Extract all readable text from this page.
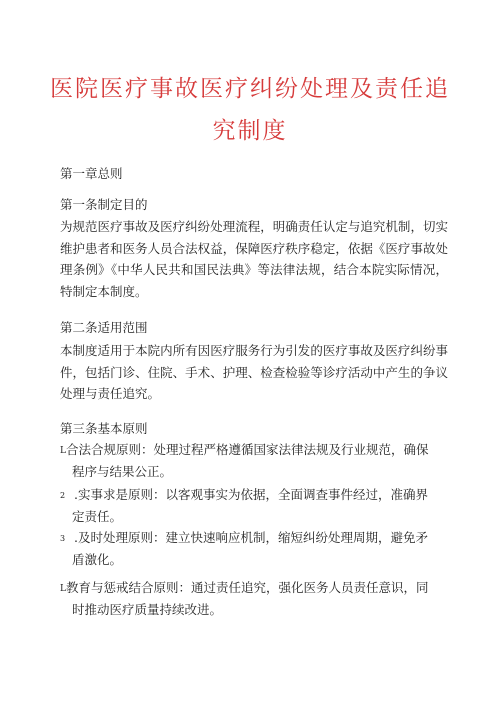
医院医疗事故医疗纠纷处理及责任追
究制度
第一章总则
第一条制定目的
为规范医疗事故及医疗纠纷处理流程，明确责任认定与追究机制，切实维护患者和医务人员合法权益，保障医疗秩序稳定，依据《医疗事故处理条例》《中华人民共和国民法典》等法律法规，结合本院实际情况，特制定本制度。
第二条适用范围
本制度适用于本院内所有因医疗服务行为引发的医疗事故及医疗纠纷事件，包括门诊、住院、手术、护理、检查检验等诊疗活动中产生的争议处理与责任追究。
第三条基本原则
L合法合规原则：处理过程严格遵循国家法律法规及行业规范，确保
程序与结果公正。
2 .实事求是原则：以客观事实为依据，全面调查事件经过，准确界
定责任。
3 .及时处理原则：建立快速响应机制，缩短纠纷处理周期，避免矛
盾激化。
L教育与惩戒结合原则：通过责任追究，强化医务人员责任意识，同
时推动医疗质量持续改进。
